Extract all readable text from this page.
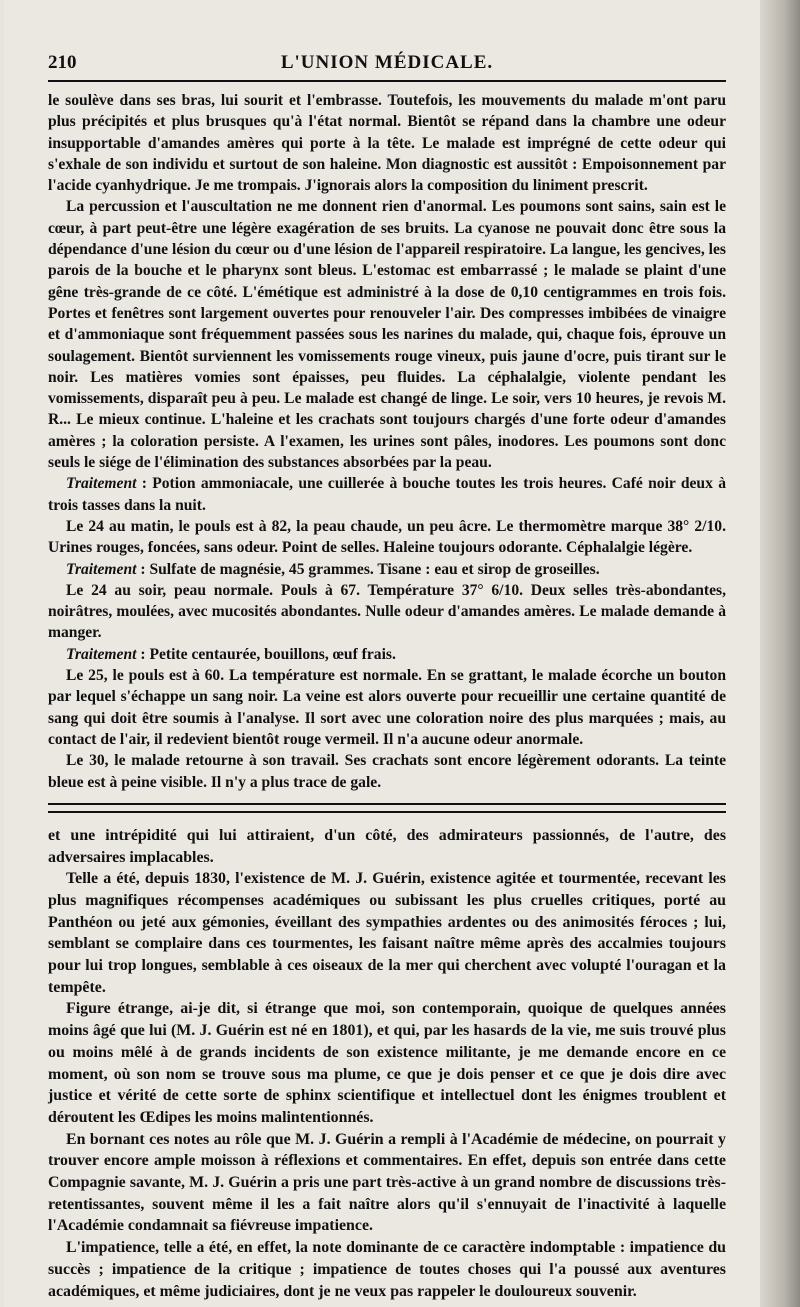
210	L'UNION MÉDICALE.

le soulève dans ses bras, lui sourit et l'embrasse. Toutefois, les mouvements du malade m'ont paru plus précipités et plus brusques qu'à l'état normal. Bientôt se répand dans la chambre une odeur insupportable d'amandes amères qui porte à la tête. Le malade est imprégné de cette odeur qui s'exhale de son individu et surtout de son haleine. Mon diagnostic est aussitôt : Empoisonnement par l'acide cyanhydrique. Je me trompais. J'ignorais alors la composition du liniment prescrit.

La percussion et l'auscultation ne me donnent rien d'anormal. Les poumons sont sains, sain est le cœur, à part peut-être une légère exagération de ses bruits. La cyanose ne pouvait donc être sous la dépendance d'une lésion du cœur ou d'une lésion de l'appareil respiratoire. La langue, les gencives, les parois de la bouche et le pharynx sont bleus. L'estomac est embarrassé ; le malade se plaint d'une gêne très-grande de ce côté. L'émétique est administré à la dose de 0,10 centigrammes en trois fois. Portes et fenêtres sont largement ouvertes pour renouveler l'air. Des compresses imbibées de vinaigre et d'ammoniaque sont fréquemment passées sous les narines du malade, qui, chaque fois, éprouve un soulagement. Bientôt surviennent les vomissements rouge vineux, puis jaune d'ocre, puis tirant sur le noir. Les matières vomies sont épaisses, peu fluides. La céphalalgie, violente pendant les vomissements, disparaît peu à peu. Le malade est changé de linge. Le soir, vers 10 heures, je revois M. R... Le mieux continue. L'haleine et les crachats sont toujours chargés d'une forte odeur d'amandes amères ; la coloration persiste. A l'examen, les urines sont pâles, inodores. Les poumons sont donc seuls le siége de l'élimination des substances absorbées par la peau.

Traitement : Potion ammoniacale, une cuillerée à bouche toutes les trois heures. Café noir deux à trois tasses dans la nuit.

Le 24 au matin, le pouls est à 82, la peau chaude, un peu âcre. Le thermomètre marque 38° 2/10. Urines rouges, foncées, sans odeur. Point de selles. Haleine toujours odorante. Céphalalgie légère.

Traitement : Sulfate de magnésie, 45 grammes. Tisane : eau et sirop de groseilles.

Le 24 au soir, peau normale. Pouls à 67. Température 37° 6/10. Deux selles très-abondantes, noirâtres, moulées, avec mucosités abondantes. Nulle odeur d'amandes amères. Le malade demande à manger.

Traitement : Petite centaurée, bouillons, œuf frais.

Le 25, le pouls est à 60. La température est normale. En se grattant, le malade écorche un bouton par lequel s'échappe un sang noir. La veine est alors ouverte pour recueillir une certaine quantité de sang qui doit être soumis à l'analyse. Il sort avec une coloration noire des plus marquées ; mais, au contact de l'air, il redevient bientôt rouge vermeil. Il n'a aucune odeur anormale.

Le 30, le malade retourne à son travail. Ses crachats sont encore légèrement odorants. La teinte bleue est à peine visible. Il n'y a plus trace de gale.

et une intrépidité qui lui attiraient, d'un côté, des admirateurs passionnés, de l'autre, des adversaires implacables.

Telle a été, depuis 1830, l'existence de M. J. Guérin, existence agitée et tourmentée, recevant les plus magnifiques récompenses académiques ou subissant les plus cruelles critiques, porté au Panthéon ou jeté aux gémonies, éveillant des sympathies ardentes ou des animosités féroces ; lui, semblant se complaire dans ces tourmentes, les faisant naître même après des accalmies toujours pour lui trop longues, semblable à ces oiseaux de la mer qui cherchent avec volupté l'ouragan et la tempête.

Figure étrange, ai-je dit, si étrange que moi, son contemporain, quoique de quelques années moins âgé que lui (M. J. Guérin est né en 1801), et qui, par les hasards de la vie, me suis trouvé plus ou moins mêlé à de grands incidents de son existence militante, je me demande encore en ce moment, où son nom se trouve sous ma plume, ce que je dois penser et ce que je dois dire avec justice et vérité de cette sorte de sphinx scientifique et intellectuel dont les énigmes troublent et déroutent les Œdipes les moins malintentionnés.

En bornant ces notes au rôle que M. J. Guérin a rempli à l'Académie de médecine, on pourrait y trouver encore ample moisson à réflexions et commentaires. En effet, depuis son entrée dans cette Compagnie savante, M. J. Guérin a pris une part très-active à un grand nombre de discussions très-retentissantes, souvent même il les a fait naître alors qu'il s'ennuyait de l'inactivité à laquelle l'Académie condamnait sa fiévreuse impatience.

L'impatience, telle a été, en effet, la note dominante de ce caractère indomptable : impatience du succès ; impatience de la critique ; impatience de toutes choses qui l'a poussé aux aventures académiques, et même judiciaires, dont je ne veux pas rappeler le douloureux souvenir.
